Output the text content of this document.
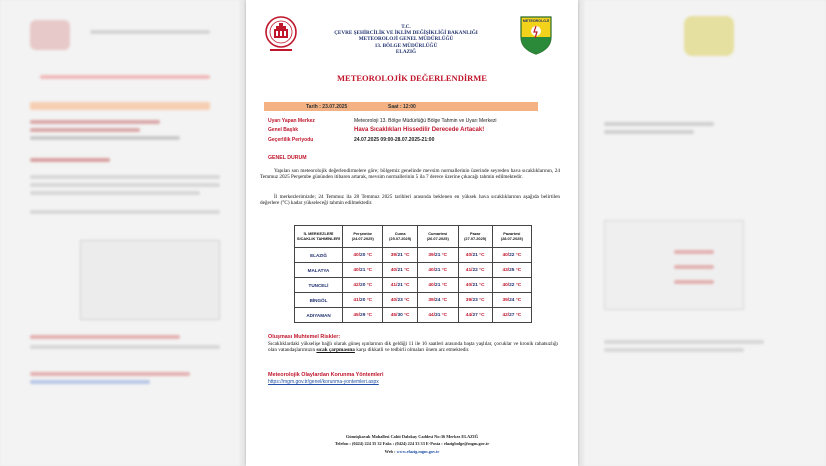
T.C.
ÇEVRE ŞEHİRCİLİK VE İKLİM DEĞİŞİKLİĞİ BAKANLIĞI
METEOROLOJİ GENEL MÜDÜRLÜĞÜ
13. BÖLGE MÜDÜRLÜĞÜ
ELAZIĞ
METEOROLOJİ
METEOROLOJİK DEĞERLENDİRME
Tarih : 23.07.2025	Saat : 12:00
Uyarı Yapan Merkez	Meteoroloji 13. Bölge Müdürlüğü Bölge Tahmin ve Uyarı Merkezi
Genel Başlık	Hava Sıcaklıkları Hissedilir Derecede Artacak!
Geçerlilik Periyodu	24.07.2025 09:00-28.07.2025-21:00
GENEL DURUM
Yapılan son meteorolojik değerlendirmelere göre; bölgemiz genelinde mevsim normallerinin üzerinde seyreden hava sıcaklıklarının, 24 Temmuz 2025 Perşembe gününden itibaren artarak, mevsim normallerinin 5 ila 7 derece üzerine çıkacağı tahmin edilmektedir.
İl merkezlerimizde; 24 Temmuz ila 28 Temmuz 2025 tarihleri arasında beklenen en yüksek hava sıcaklıklarının aşağıda belirtilen değerlere (°C) kadar yükseleceği tahmin edilmektedir.
İL MERKEZLERİ SICAKLIK TAHMİNLERİ	Perşembe (24.07.2025)	Cuma (25.07.2025)	Cumartesi (26.07.2025)	Pazar (27.07.2025)	Pazartesi (28.07.2025)
ELAZIĞ	40/20 °C	39/21 °C	39/21 °C	40/21 °C	40/22 °C
MALATYA	40/21 °C	40/21 °C	40/21 °C	41/22 °C	43/25 °C
TUNCELİ	42/20 °C	41/21 °C	40/21 °C	40/21 °C	40/22 °C
BİNGÖL	41/20 °C	40/23 °C	39/24 °C	39/23 °C	39/24 °C
ADIYAMAN	45/29 °C	45/30 °C	44/31 °C	44/27 °C	42/27 °C
Oluşması Muhtemel Riskler:
Sıcaklıklardaki yükselişe bağlı olarak güneş ışınlarının dik geldiği 11 ile 16 saatleri arasında başta yaşlılar, çocuklar ve kronik rahatsızlığı olan vatandaşlarımızın sıcak çarpmasına karşı dikkatli ve tedbirli olmaları önem arz etmektedir.
Meteorolojik Olaylardan Korunma Yöntemleri
https://mgm.gov.tr/genel/korunma-yontemleri.aspx
Gümüşkavak Mahallesi Cahit Dalokay Caddesi No:36 Merkez ELAZIĞ
Telefon : (0424) 224 35 32 Faks : (0424) 224 33 33 E-Posta : elazigbolge@mgm.gov.tr
Web : www.elazig.mgm.gov.tr
